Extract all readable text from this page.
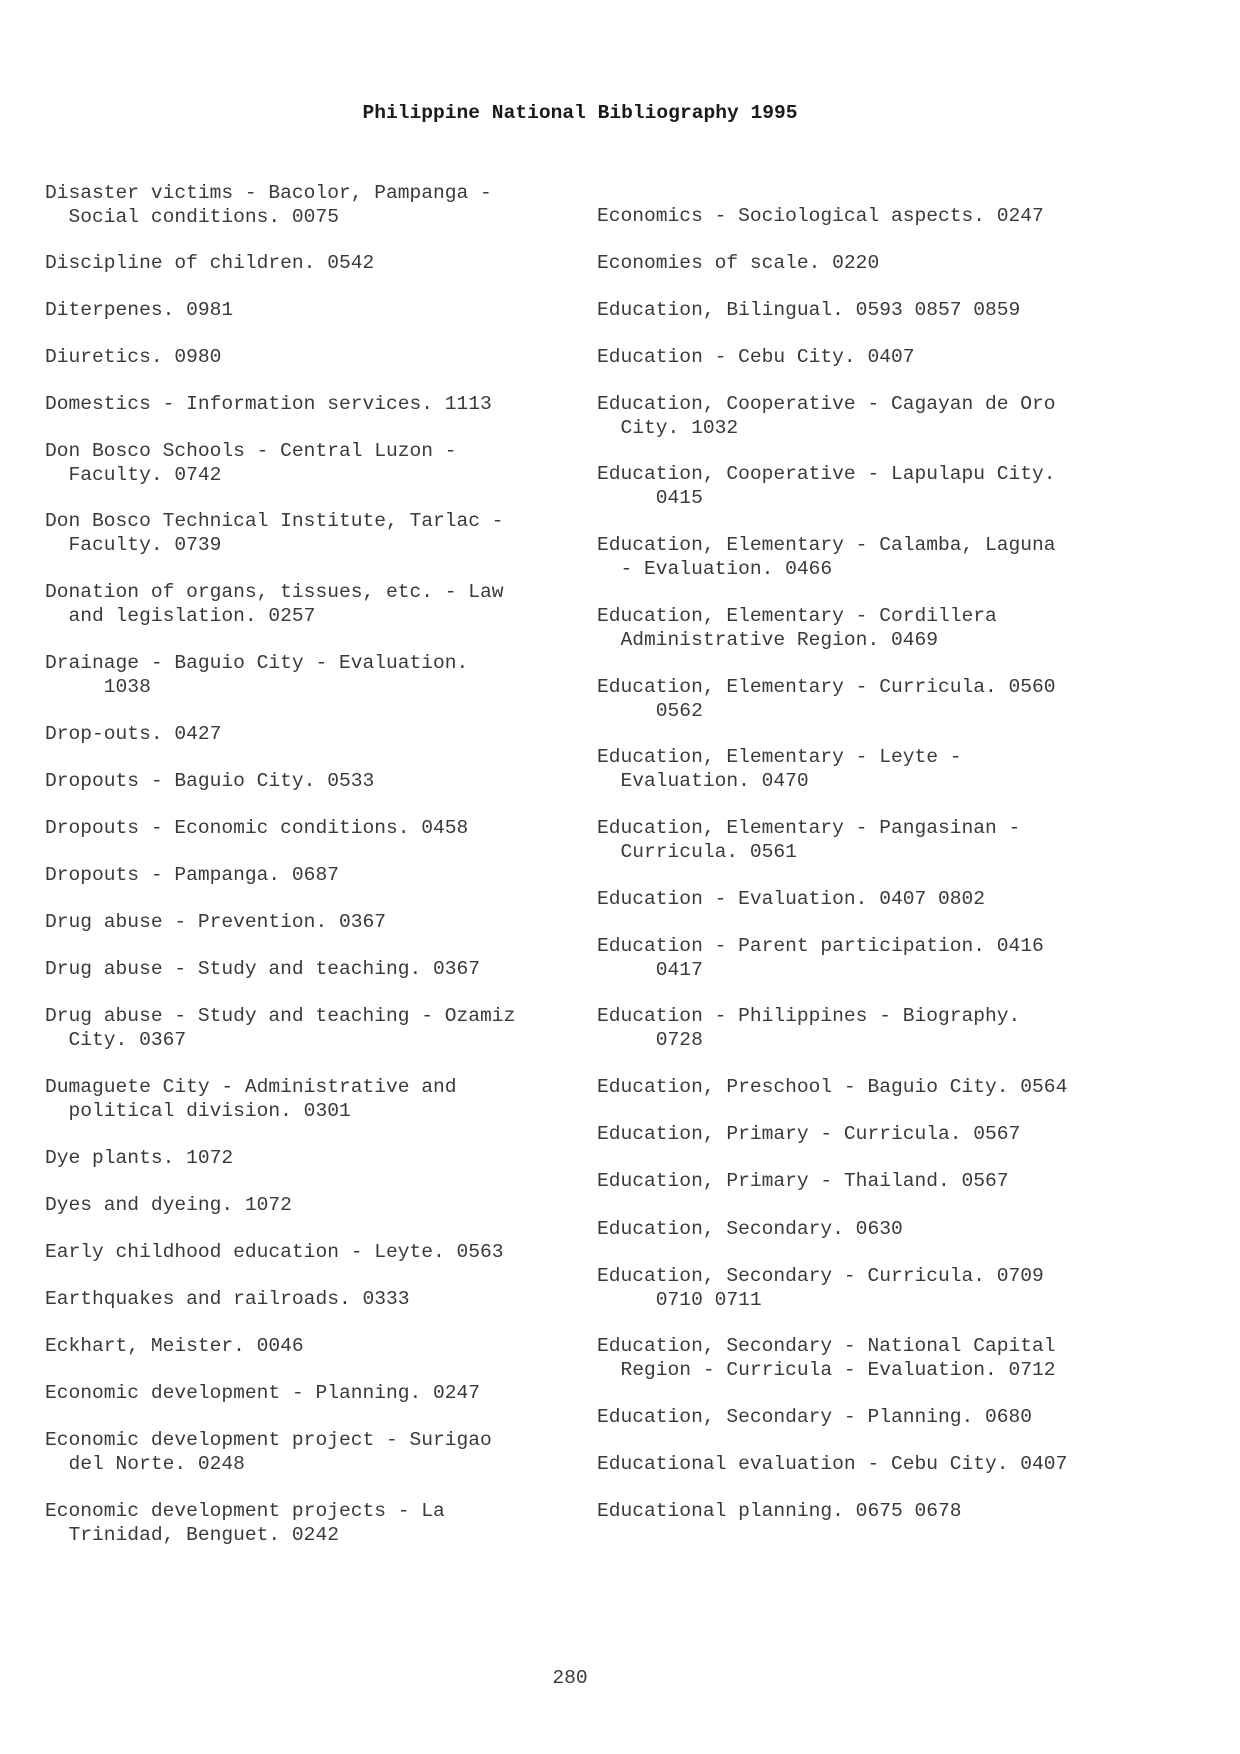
Philippine National Bibliography 1995

Disaster victims - Bacolor, Pampanga -
Social conditions. 0075

Discipline of children. 0542

Diterpenes. 0981

Diuretics. 0980

Domestics - Information services. 1113

Don Bosco Schools - Central Luzon -
Faculty. 0742

Don Bosco Technical Institute, Tarlac -
Faculty. 0739

Donation of organs, tissues, etc. - Law
and legislation. 0257

Drainage - Baguio City - Evaluation.
1038

Drop-outs. 0427

Dropouts - Baguio City. 0533

Dropouts - Economic conditions. 0458

Dropouts - Pampanga. 0687

Drug abuse - Prevention. 0367

Drug abuse - Study and teaching. 0367

Drug abuse - Study and teaching - Ozamiz
City. 0367

Dumaguete City - Administrative and
political division. 0301

Dye plants. 1072

Dyes and dyeing. 1072

Early childhood education - Leyte. 0563

Earthquakes and railroads. 0333

Eckhart, Meister. 0046

Economic development - Planning. 0247

Economic development project - Surigao
del Norte. 0248

Economic development projects - La
Trinidad, Benguet. 0242

Economics - Sociological aspects. 0247

Economies of scale. 0220

Education, Bilingual. 0593 0857 0859

Education - Cebu City. 0407

Education, Cooperative - Cagayan de Oro
City. 1032

Education, Cooperative - Lapulapu City.
0415

Education, Elementary - Calamba, Laguna
- Evaluation. 0466

Education, Elementary - Cordillera
Administrative Region. 0469

Education, Elementary - Curricula. 0560
0562

Education, Elementary - Leyte -
Evaluation. 0470

Education, Elementary - Pangasinan -
Curricula. 0561

Education - Evaluation. 0407 0802

Education - Parent participation. 0416
0417

Education - Philippines - Biography.
0728

Education, Preschool - Baguio City. 0564

Education, Primary - Curricula. 0567

Education, Primary - Thailand. 0567

Education, Secondary. 0630

Education, Secondary - Curricula. 0709
0710 0711

Education, Secondary - National Capital
Region - Curricula - Evaluation. 0712

Education, Secondary - Planning. 0680

Educational evaluation - Cebu City. 0407

Educational planning. 0675 0678

280
